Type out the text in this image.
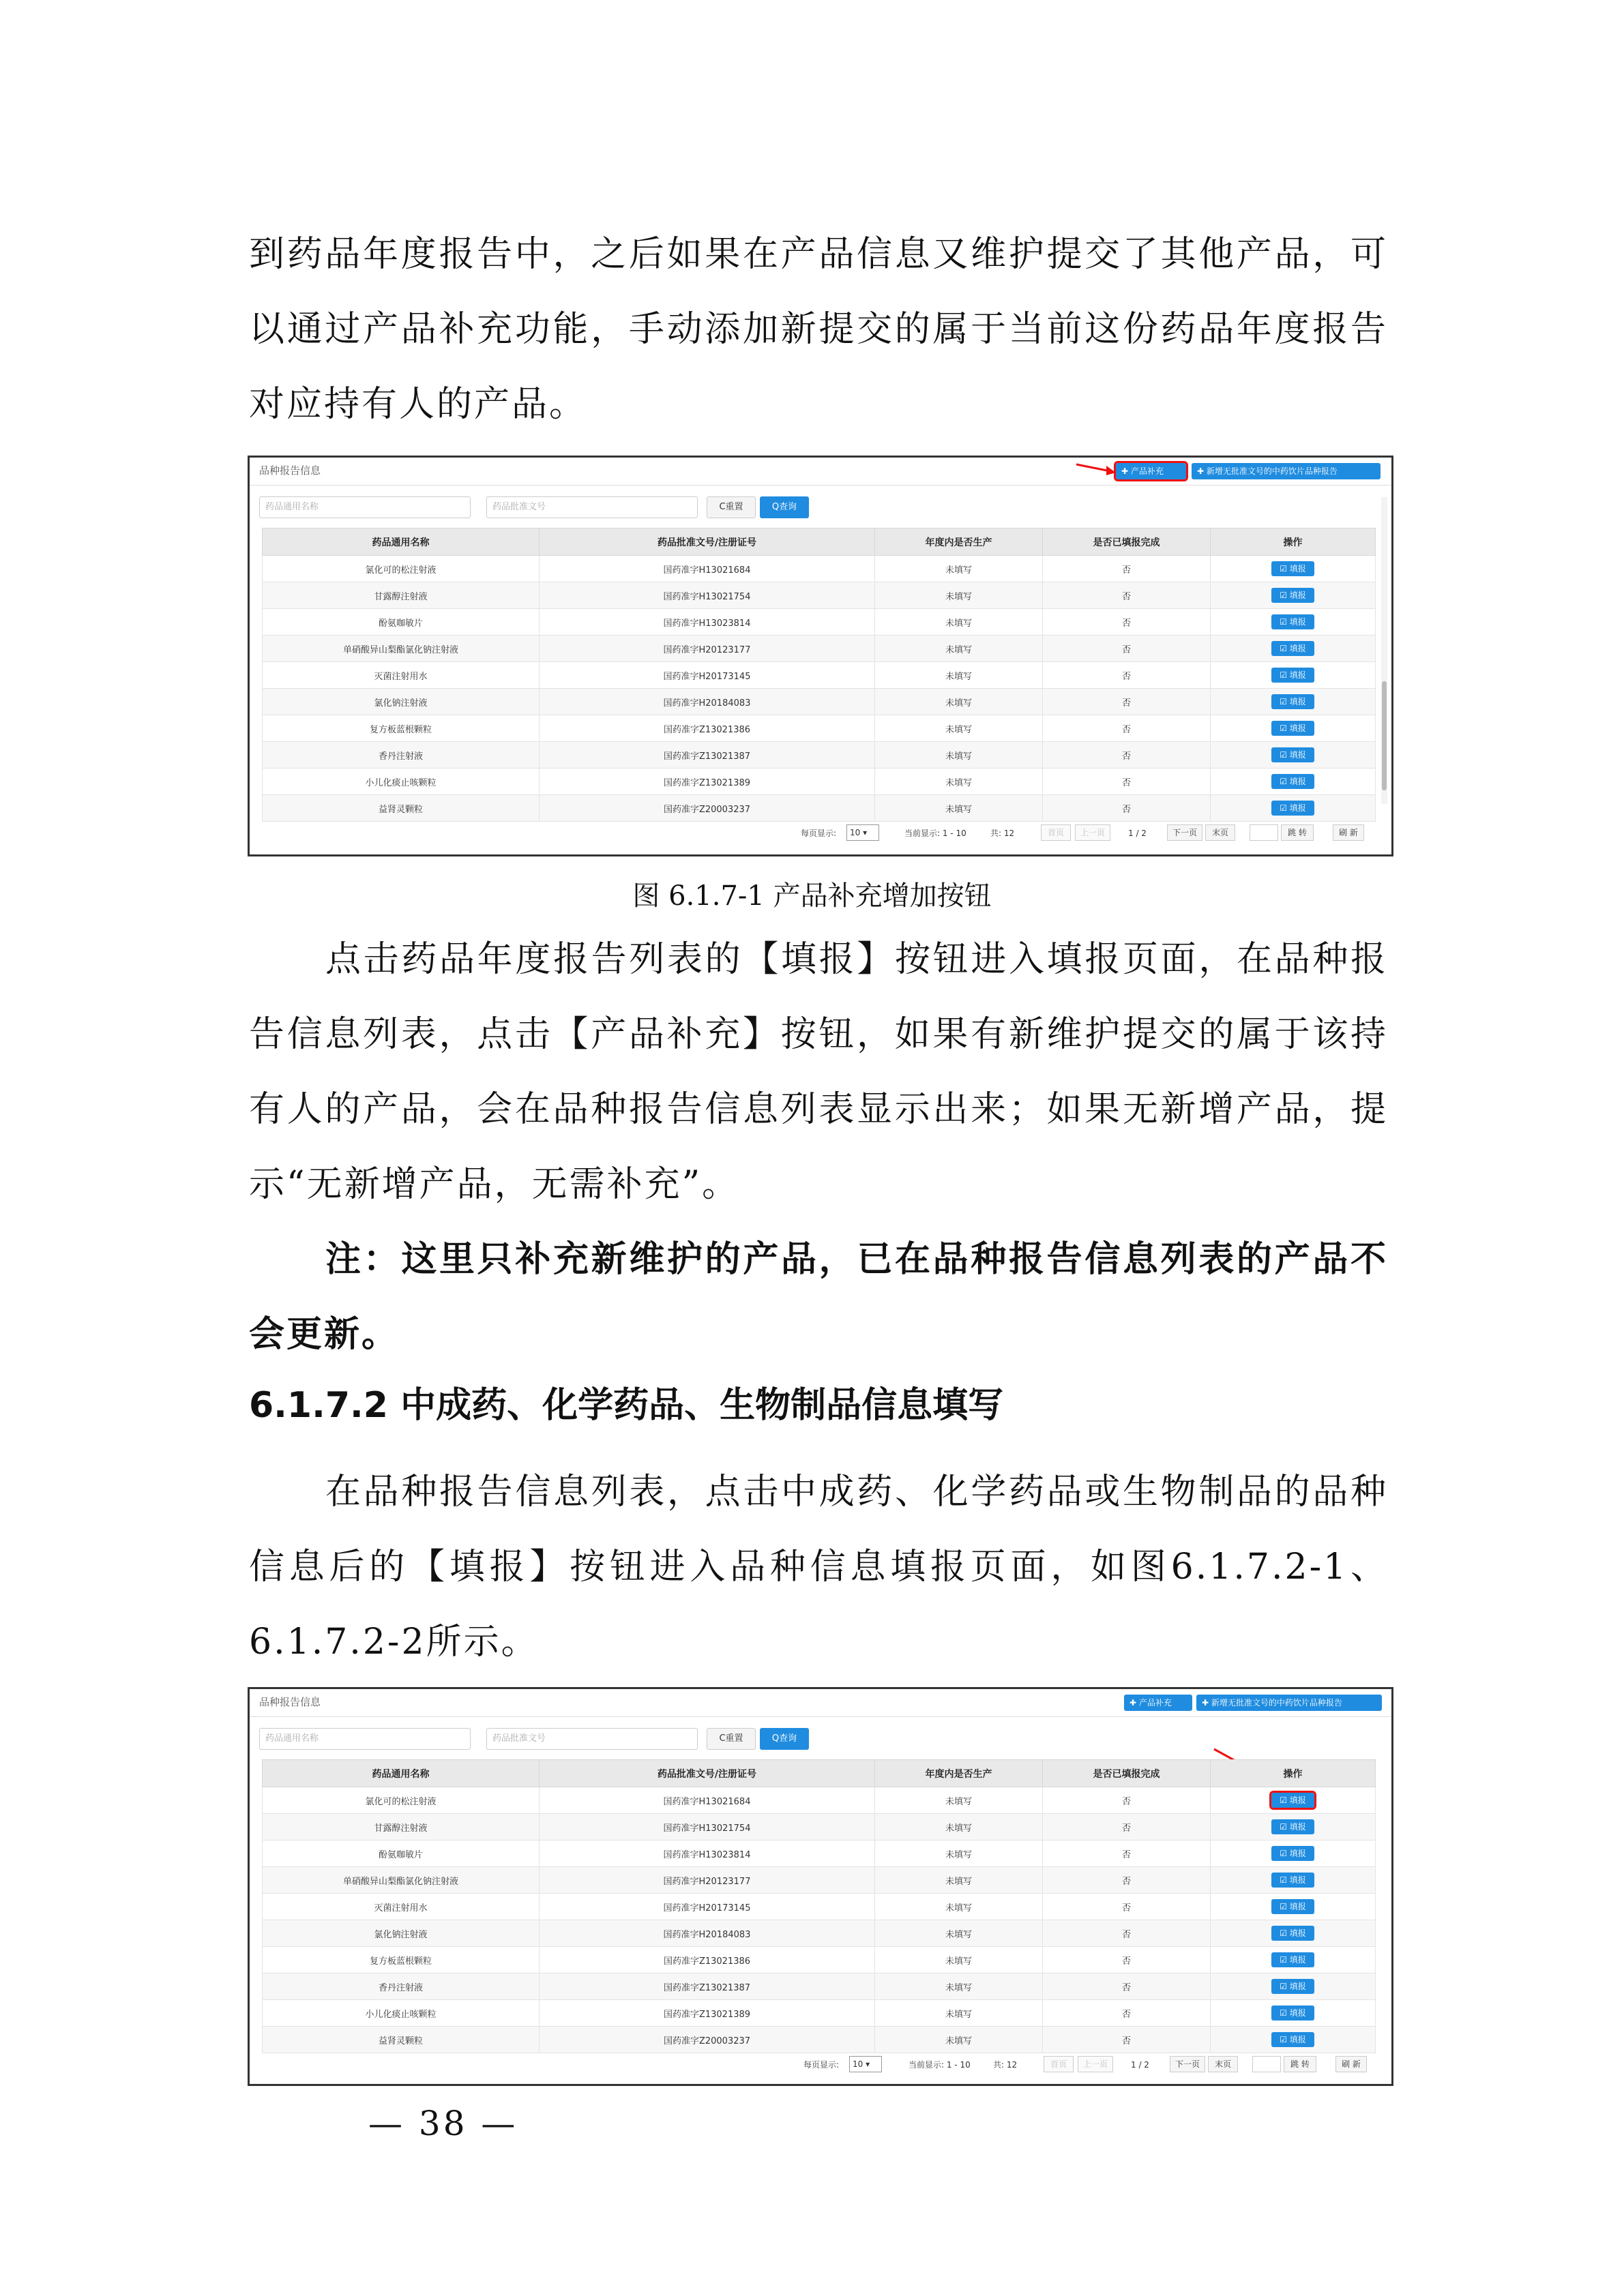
到药品年度报告中，之后如果在产品信息又维护提交了其他产品，可以通过产品补充功能，手动添加新提交的属于当前这份药品年度报告对应持有人的产品。

品种报告信息	✚ 产品补充	✚ 新增无批准文号的中药饮片品种报告
药品通用名称	药品批准文号	C重置	Q查询
药品通用名称	药品批准文号/注册证号	年度内是否生产	是否已填报完成	操作
氯化可的松注射液	国药准字H13021684	未填写	否	☑ 填报
甘露醇注射液	国药准字H13021754	未填写	否	☑ 填报
酚氨咖敏片	国药准字H13023814	未填写	否	☑ 填报
单硝酸异山梨酯氯化钠注射液	国药准字H20123177	未填写	否	☑ 填报
灭菌注射用水	国药准字H20173145	未填写	否	☑ 填报
氯化钠注射液	国药准字H20184083	未填写	否	☑ 填报
复方板蓝根颗粒	国药准字Z13021386	未填写	否	☑ 填报
香丹注射液	国药准字Z13021387	未填写	否	☑ 填报
小儿化痰止咳颗粒	国药准字Z13021389	未填写	否	☑ 填报
益肾灵颗粒	国药准字Z20003237	未填写	否	☑ 填报
每页显示:	10 ▾	当前显示: 1 - 10	共: 12	首页	上一页	1 / 2	下一页	末页	跳 转	刷 新
图 6.1.7-1 产品补充增加按钮

点击药品年度报告列表的【填报】按钮进入填报页面，在品种报告信息列表，点击【产品补充】按钮，如果有新维护提交的属于该持有人的产品，会在品种报告信息列表显示出来；如果无新增产品，提示“无新增产品，无需补充”。

注：这里只补充新维护的产品，已在品种报告信息列表的产品不会更新。

6.1.7.2 中成药、化学药品、生物制品信息填写

在品种报告信息列表，点击中成药、化学药品或生物制品的品种信息后的【填报】按钮进入品种信息填报页面，如图6.1.7.2-1、6.1.7.2-2所示。

品种报告信息	✚ 产品补充	✚ 新增无批准文号的中药饮片品种报告
药品通用名称	药品批准文号	C重置	Q查询
药品通用名称	药品批准文号/注册证号	年度内是否生产	是否已填报完成	操作
氯化可的松注射液	国药准字H13021684	未填写	否	☑ 填报
甘露醇注射液	国药准字H13021754	未填写	否	☑ 填报
酚氨咖敏片	国药准字H13023814	未填写	否	☑ 填报
单硝酸异山梨酯氯化钠注射液	国药准字H20123177	未填写	否	☑ 填报
灭菌注射用水	国药准字H20173145	未填写	否	☑ 填报
氯化钠注射液	国药准字H20184083	未填写	否	☑ 填报
复方板蓝根颗粒	国药准字Z13021386	未填写	否	☑ 填报
香丹注射液	国药准字Z13021387	未填写	否	☑ 填报
小儿化痰止咳颗粒	国药准字Z13021389	未填写	否	☑ 填报
益肾灵颗粒	国药准字Z20003237	未填写	否	☑ 填报
每页显示:	10 ▾	当前显示: 1 - 10	共: 12	首页	上一页	1 / 2	下一页	末页	跳 转	刷 新
— 38 —
